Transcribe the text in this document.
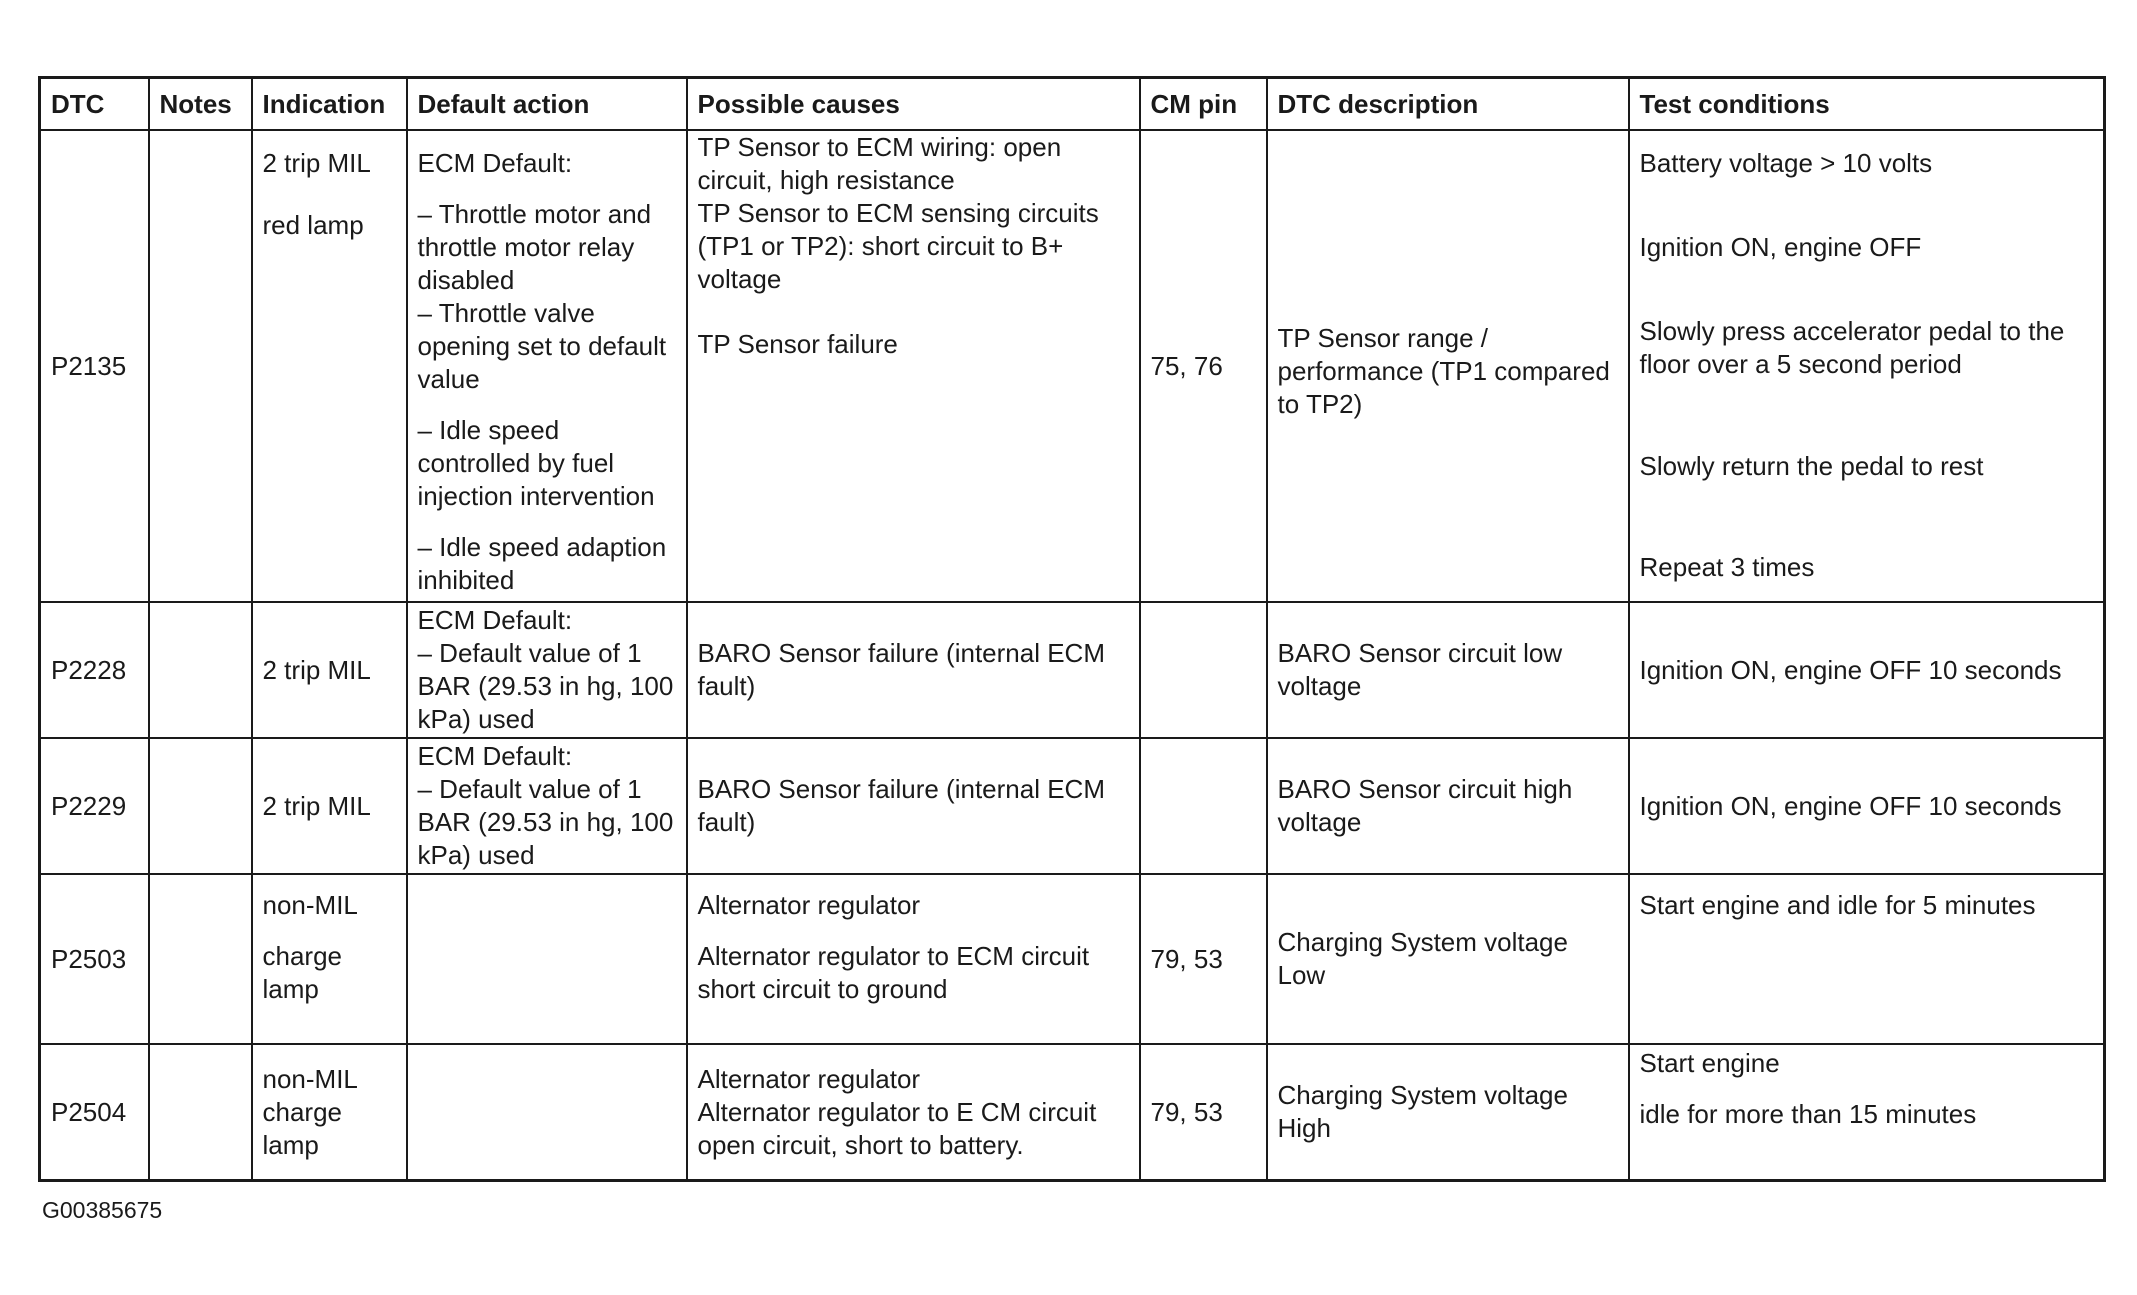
DTC	Notes	Indication	Default action	Possible causes	CM pin	DTC description	Test conditions
P2135		2 trip MIL
red lamp	ECM Default:
– Throttle motor and throttle motor relay disabled
– Throttle valve opening set to default value
– Idle speed controlled by fuel injection intervention
– Idle speed adaption inhibited	TP Sensor to ECM wiring: open circuit, high resistance
TP Sensor to ECM sensing circuits (TP1 or TP2): short circuit to B+ voltage
TP Sensor failure	75, 76	TP Sensor range / performance (TP1 compared to TP2)	Battery voltage > 10 volts
Ignition ON, engine OFF
Slowly press accelerator pedal to the floor over a 5 second period
Slowly return the pedal to rest
Repeat 3 times

P2228		2 trip MIL	ECM Default:
– Default value of 1 BAR (29.53 in hg, 100 kPa) used	BARO Sensor failure (internal ECM fault)		BARO Sensor circuit low voltage	Ignition ON, engine OFF 10 seconds
P2229		2 trip MIL	ECM Default:
– Default value of 1 BAR (29.53 in hg, 100 kPa) used	BARO Sensor failure (internal ECM fault)		BARO Sensor circuit high voltage	Ignition ON, engine OFF 10 seconds
P2503		non-MIL
charge lamp		Alternator regulator
Alternator regulator to ECM circuit short circuit to ground	79, 53	Charging System voltage Low	Start engine and idle for 5 minutes
P2504		non-MIL charge lamp		Alternator regulator
Alternator regulator to E CM circuit open circuit, short to battery.	79, 53	Charging System voltage High	Start engine
idle for more than 15 minutes
G00385675
